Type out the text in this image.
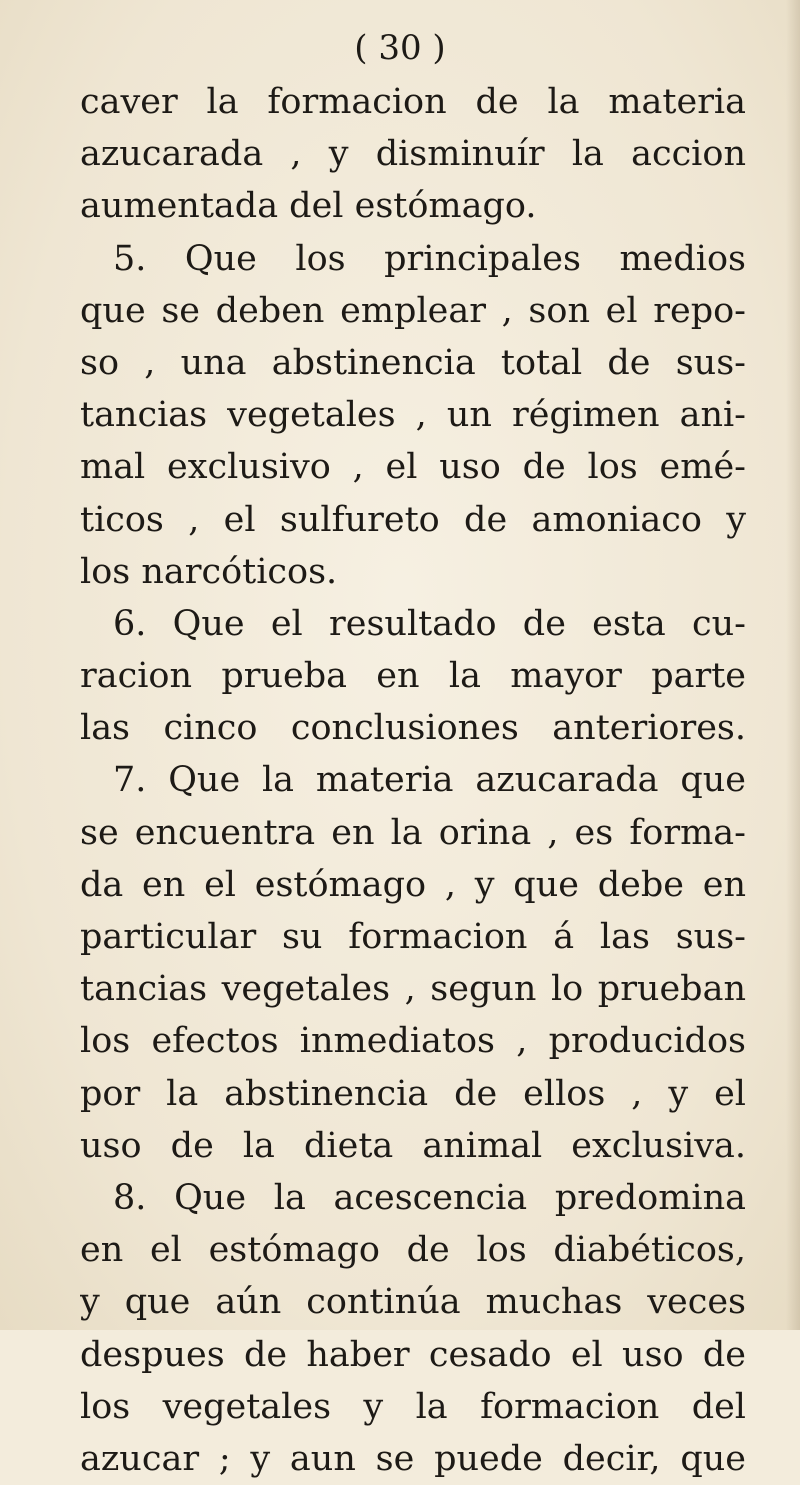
( 30 )

caver la formacion de la materia
azucarada , y disminuír la accion
aumentada del estómago.
5. Que los principales medios
que se deben emplear , son el repo-
so , una abstinencia total de sus-
tancias vegetales , un régimen ani-
mal exclusivo , el uso de los emé-
ticos , el sulfureto de amoniaco y
los narcóticos.
6. Que el resultado de esta cu-
racion prueba en la mayor parte
las cinco conclusiones anteriores.
7. Que la materia azucarada que
se encuentra en la orina , es forma-
da en el estómago , y que debe en
particular su formacion á las sus-
tancias vegetales , segun lo prueban
los efectos inmediatos , producidos
por la abstinencia de ellos , y el
uso de la dieta animal exclusiva.
8. Que la acescencia predomina
en el estómago de los diabéticos,
y que aún continúa muchas veces
despues de haber cesado el uso de
los vegetales y la formacion del
azucar ; y aun se puede decir, que
